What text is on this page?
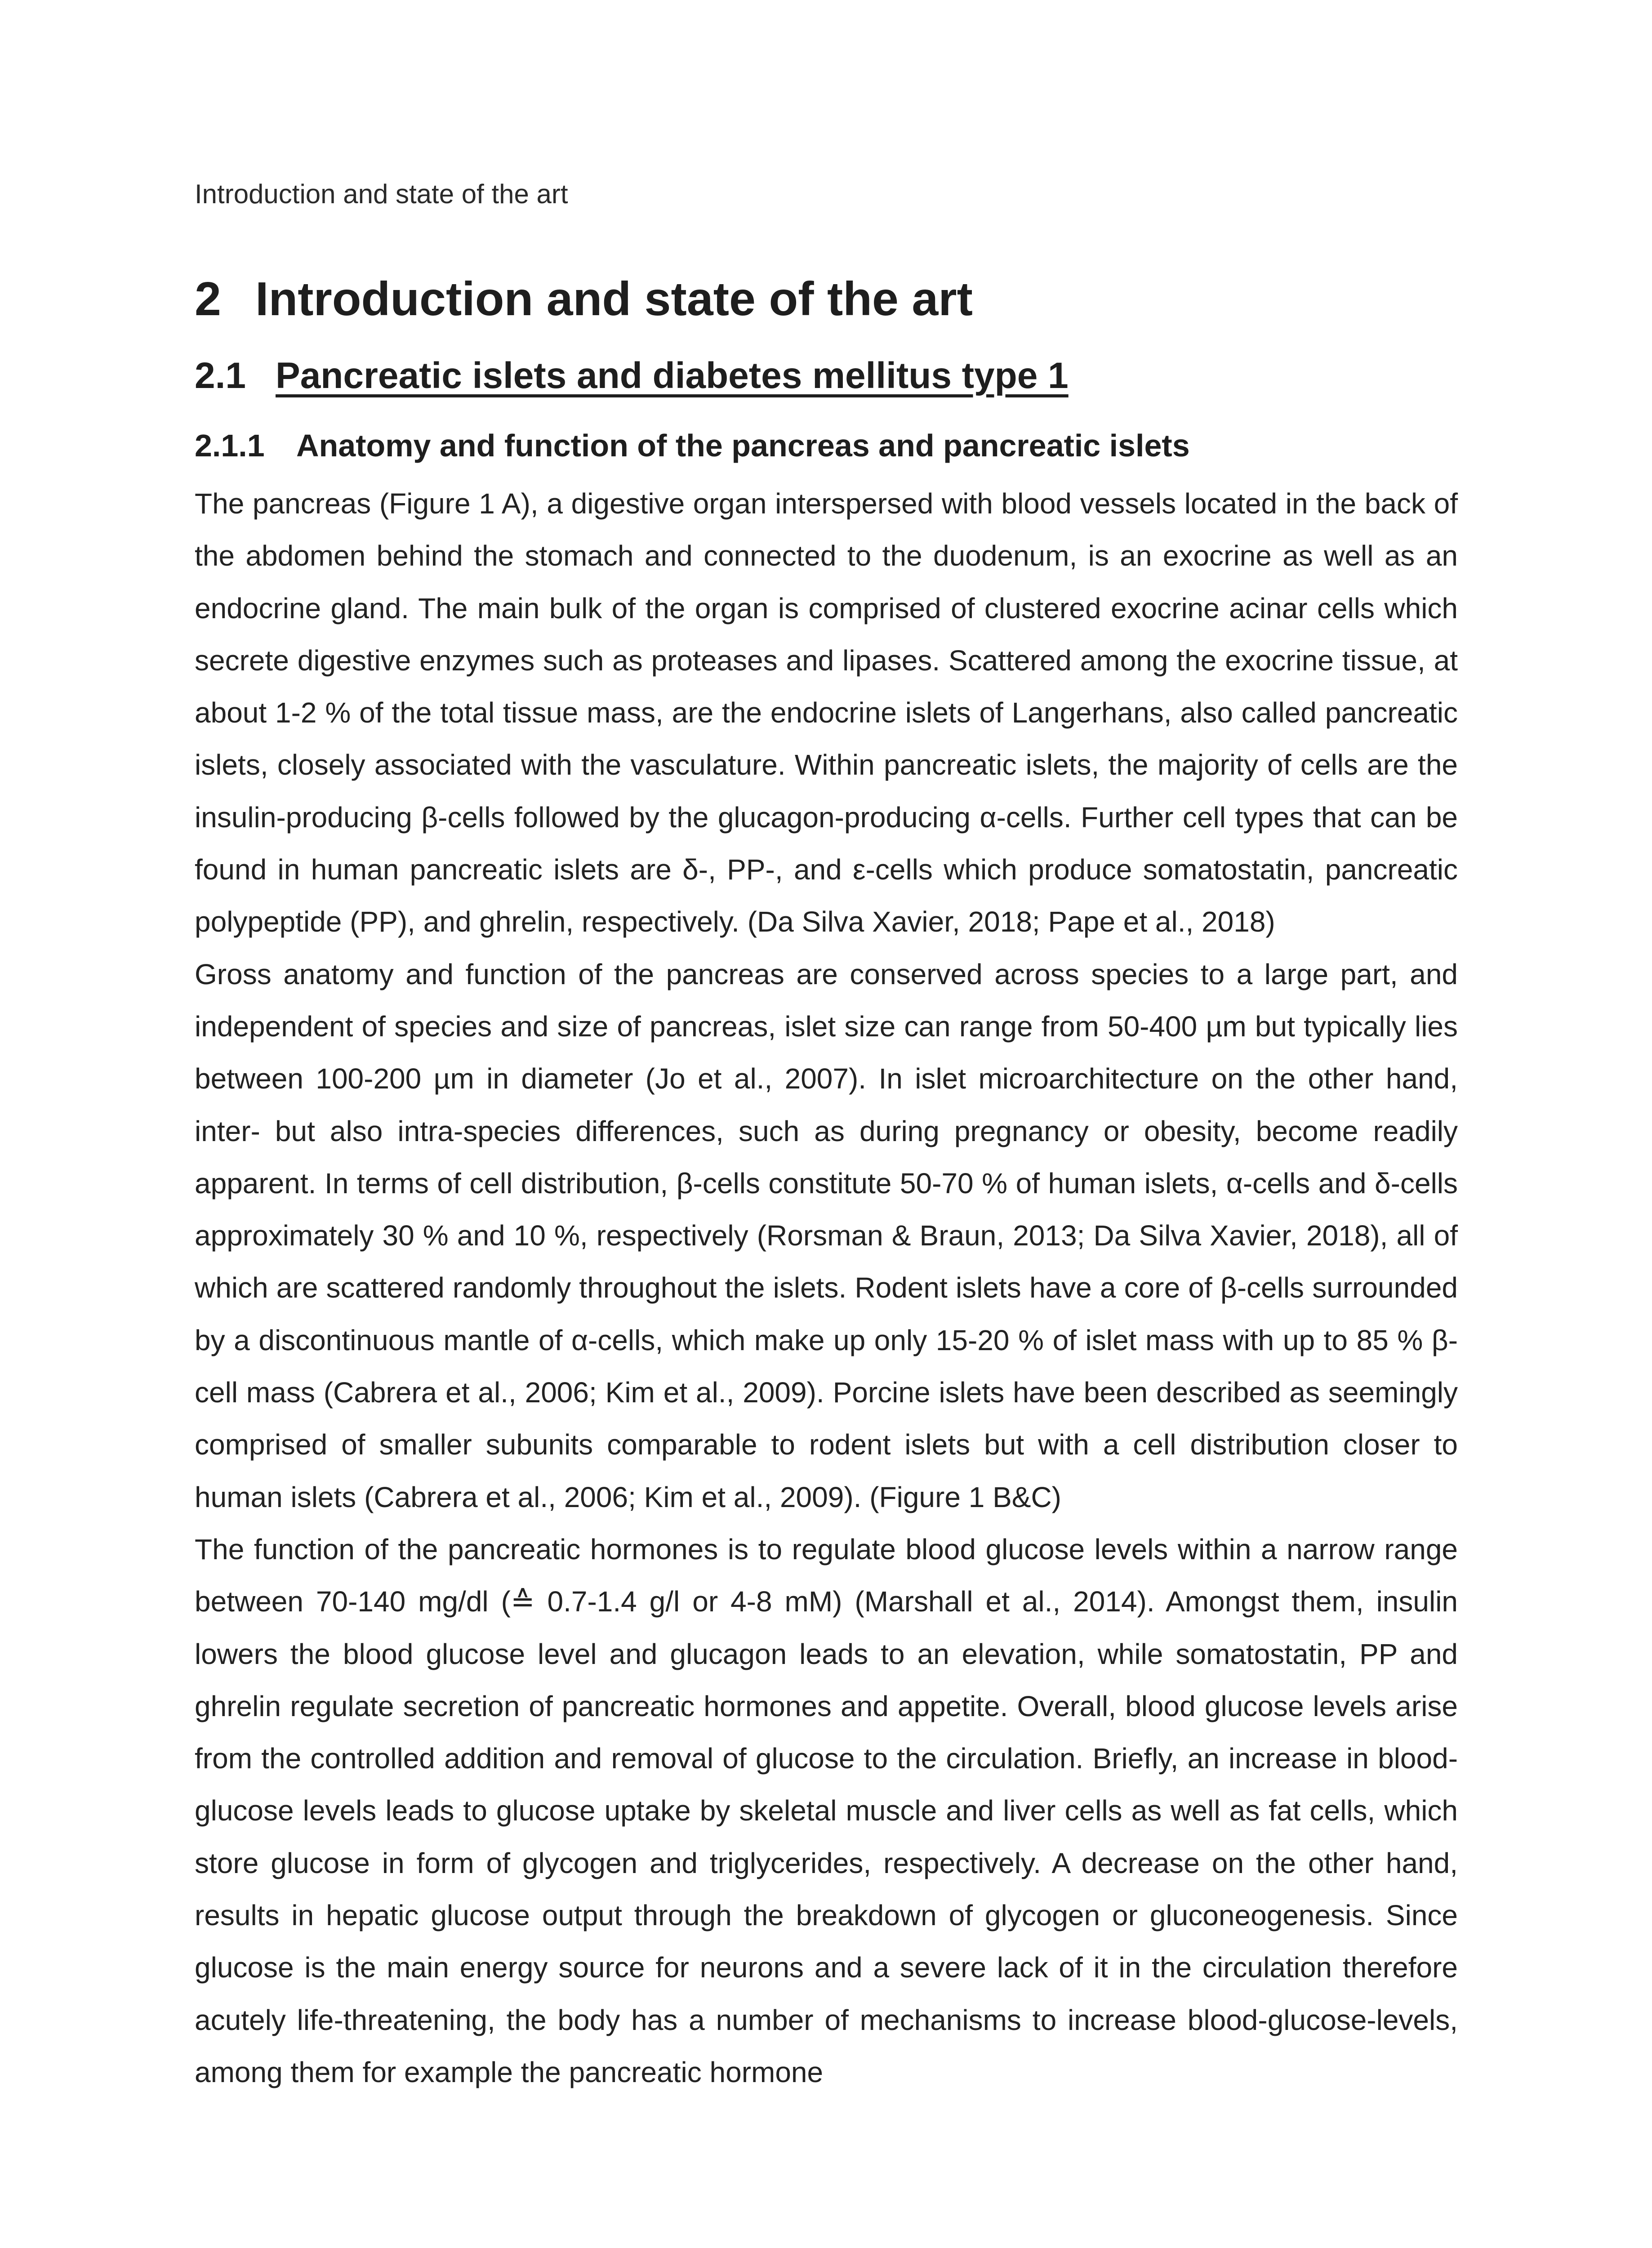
Introduction and state of the art
2 Introduction and state of the art
2.1 Pancreatic islets and diabetes mellitus type 1
2.1.1 Anatomy and function of the pancreas and pancreatic islets

The pancreas (Figure 1 A), a digestive organ interspersed with blood vessels located in the back of the abdomen behind the stomach and connected to the duodenum, is an exocrine as well as an endocrine gland. The main bulk of the organ is comprised of clustered exocrine acinar cells which secrete digestive enzymes such as proteases and lipases. Scattered among the exocrine tissue, at about 1-2 % of the total tissue mass, are the endocrine islets of Langerhans, also called pancreatic islets, closely associated with the vasculature. Within pancreatic islets, the majority of cells are the insulin-producing β-cells followed by the glucagon-producing α-cells. Further cell types that can be found in human pancreatic islets are δ-, PP-, and ε-cells which produce somatostatin, pancreatic polypeptide (PP), and ghrelin, respectively. (Da Silva Xavier, 2018; Pape et al., 2018)

Gross anatomy and function of the pancreas are conserved across species to a large part, and independent of species and size of pancreas, islet size can range from 50-400 µm but typically lies between 100-200 µm in diameter (Jo et al., 2007). In islet microarchitecture on the other hand, inter- but also intra-species differences, such as during pregnancy or obesity, become readily apparent. In terms of cell distribution, β-cells constitute 50-70 % of human islets, α-cells and δ-cells approximately 30 % and 10 %, respectively (Rorsman & Braun, 2013; Da Silva Xavier, 2018), all of which are scattered randomly throughout the islets. Rodent islets have a core of β-cells surrounded by a discontinuous mantle of α-cells, which make up only 15-20 % of islet mass with up to 85 % β-cell mass (Cabrera et al., 2006; Kim et al., 2009). Porcine islets have been described as seemingly comprised of smaller subunits comparable to rodent islets but with a cell distribution closer to human islets (Cabrera et al., 2006; Kim et al., 2009). (Figure 1 B&C)

The function of the pancreatic hormones is to regulate blood glucose levels within a narrow range between 70-140 mg/dl (≙ 0.7-1.4 g/l or 4-8 mM) (Marshall et al., 2014). Amongst them, insulin lowers the blood glucose level and glucagon leads to an elevation, while somatostatin, PP and ghrelin regulate secretion of pancreatic hormones and appetite. Overall, blood glucose levels arise from the controlled addition and removal of glucose to the circulation. Briefly, an increase in blood-glucose levels leads to glucose uptake by skeletal muscle and liver cells as well as fat cells, which store glucose in form of glycogen and triglycerides, respectively. A decrease on the other hand, results in hepatic glucose output through the breakdown of glycogen or gluconeogenesis. Since glucose is the main energy source for neurons and a severe lack of it in the circulation therefore acutely life-threatening, the body has a number of mechanisms to increase blood-glucose-levels, among them for example the pancreatic hormone
